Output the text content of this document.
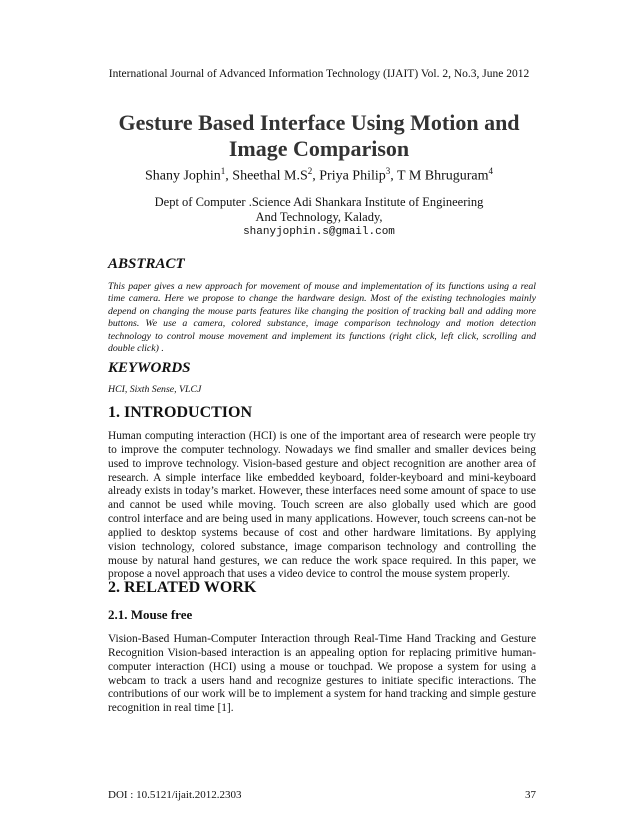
International Journal of Advanced Information Technology (IJAIT) Vol. 2, No.3, June 2012
Gesture Based Interface Using Motion and Image Comparison
Shany Jophin$^1$, Sheethal $M.S^2$, Priya Philip$^3$, T M Bhruguram$^4$
Dept of Computer .Science Adi Shankara Institute of Engineering
And Technology, Kalady,
shanyjophin.s@gmail.com
ABSTRACT
This paper gives a new approach for movement of mouse and implementation of its functions using a real time camera. Here we propose to change the hardware design. Most of the existing technologies mainly depend on changing the mouse parts features like changing the position of tracking ball and adding more buttons. We use a camera, colored substance, image comparison technology and motion detection technology to control mouse movement and implement its functions (right click, left click, scrolling and double click) .
KEYWORDS
HCI, Sixth Sense, VLCJ
1. INTRODUCTION
Human computing interaction (HCI) is one of the important area of research were people try to improve the computer technology. Nowadays we find smaller and smaller devices being used to improve technology. Vision-based gesture and object recognition are another area of research. A simple interface like embedded keyboard, folder-keyboard and mini-keyboard already exists in today’s market. However, these interfaces need some amount of space to use and cannot be used while moving. Touch screen are also globally used which are good control interface and are being used in many applications. However, touch screens can-not be applied to desktop systems because of cost and other hardware limitations. By applying vision technology, colored substance, image comparison technology and controlling the mouse by natural hand gestures, we can reduce the work space required. In this paper, we propose a novel approach that uses a video device to control the mouse system properly.
2. RELATED WORK
2.1. Mouse free
Vision-Based Human-Computer Interaction through Real-Time Hand Tracking and Gesture Recognition Vision-based interaction is an appealing option for replacing primitive human-computer interaction (HCI) using a mouse or touchpad. We propose a system for using a webcam to track a users hand and recognize gestures to initiate specific interactions. The contributions of our work will be to implement a system for hand tracking and simple gesture recognition in real time [1].
DOI : 10.5121/ijait.2012.2303	37
